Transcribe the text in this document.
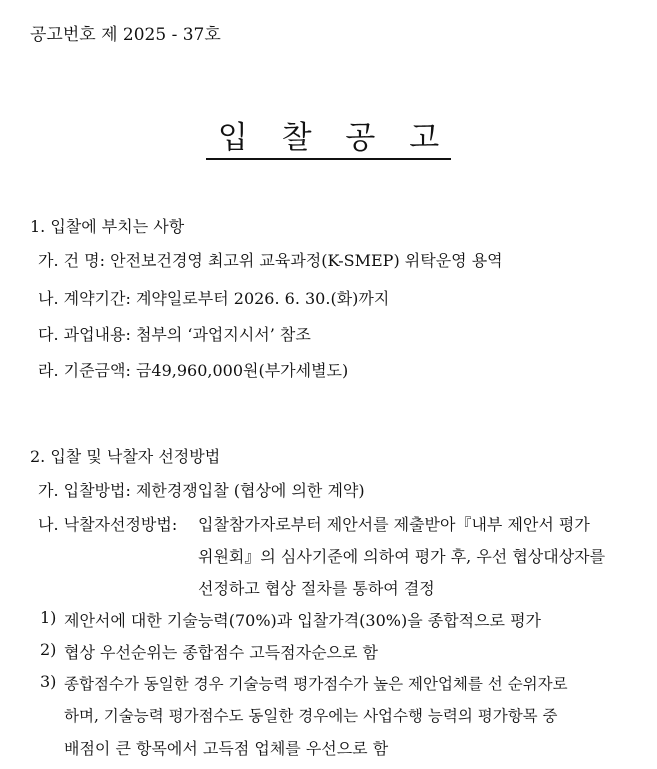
공고번호 제 2025 - 37호
입 찰 공 고
1. 입찰에 부치는 사항
가. 건 명: 안전보건경영 최고위 교육과정(K-SMEP) 위탁운영 용역
나. 계약기간: 계약일로부터 2026. 6. 30.(화)까지
다. 과업내용: 첨부의 ‘과업지시서’ 참조
라. 기준금액: 금49,960,000원(부가세별도)
2. 입찰 및 낙찰자 선정방법
가. 입찰방법: 제한경쟁입찰 (협상에 의한 계약)
나. 낙찰자선정방법: 입찰참가자로부터 제안서를 제출받아『내부 제안서 평가
위원회』의 심사기준에 의하여 평가 후, 우선 협상대상자를
선정하고 협상 절차를 통하여 결정
1) 제안서에 대한 기술능력(70%)과 입찰가격(30%)을 종합적으로 평가
2) 협상 우선순위는 종합점수 고득점자순으로 함
3) 종합점수가 동일한 경우 기술능력 평가점수가 높은 제안업체를 선 순위자로
하며, 기술능력 평가점수도 동일한 경우에는 사업수행 능력의 평가항목 중
배점이 큰 항목에서 고득점 업체를 우선으로 함
